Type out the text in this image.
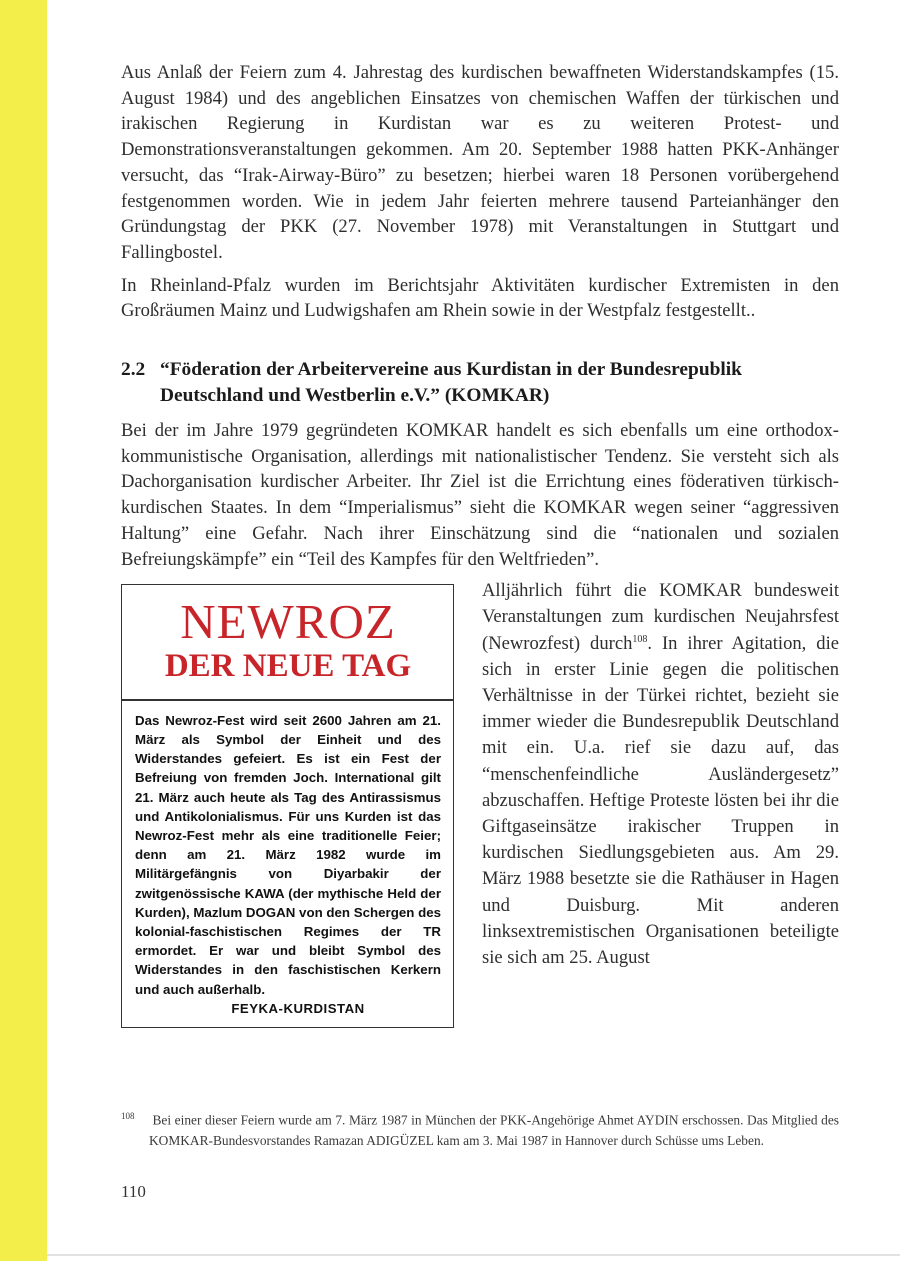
Aus Anlaß der Feiern zum 4. Jahrestag des kurdischen bewaffneten Widerstandskampfes (15. August 1984) und des angeblichen Einsatzes von chemischen Waffen der türkischen und irakischen Regierung in Kurdistan war es zu weiteren Protest- und Demonstrationsveranstaltungen gekommen. Am 20. September 1988 hatten PKK-Anhänger versucht, das “Irak-Airway-Büro” zu besetzen; hierbei waren 18 Personen vorübergehend festgenommen worden. Wie in jedem Jahr feierten mehrere tausend Parteianhänger den Gründungstag der PKK (27. November 1978) mit Veranstaltungen in Stuttgart und Fallingbostel.

In Rheinland-Pfalz wurden im Berichtsjahr Aktivitäten kurdischer Extremisten in den Großräumen Mainz und Ludwigshafen am Rhein sowie in der Westpfalz festgestellt..

2.2 “Föderation der Arbeitervereine aus Kurdistan in der Bundesrepublik Deutschland und Westberlin e.V.” (KOMKAR)

Bei der im Jahre 1979 gegründeten KOMKAR handelt es sich ebenfalls um eine orthodox-kommunistische Organisation, allerdings mit nationalistischer Tendenz. Sie versteht sich als Dachorganisation kurdischer Arbeiter. Ihr Ziel ist die Errichtung eines föderativen türkisch-kurdischen Staates. In dem “Imperialismus” sieht die KOMKAR wegen seiner “aggressiven Haltung” eine Gefahr. Nach ihrer Einschätzung sind die “nationalen und sozialen Befreiungskämpfe” ein “Teil des Kampfes für den Weltfrieden”.

NEWROZ
DER NEUE TAG
Das Newroz-Fest wird seit 2600 Jahren am 21. März als Symbol der Einheit und des Widerstandes gefeiert. Es ist ein Fest der Befreiung von fremden Joch. International gilt 21. März auch heute als Tag des Antirassismus und Antikolonialismus. Für uns Kurden ist das Newroz-Fest mehr als eine traditionelle Feier; denn am 21. März 1982 wurde im Militärgefängnis von Diyarbakir der zwitgenössische KAWA (der mythische Held der Kurden), Mazlum DOGAN von den Schergen des kolonial-faschistischen Regimes der TR ermordet. Er war und bleibt Symbol des Widerstandes in den faschistischen Kerkern und auch außerhalb.
FEYKA-KURDISTAN

Alljährlich führt die KOMKAR bundesweit Veranstaltungen zum kurdischen Neujahrsfest (Newrozfest) durch$^{108}$. In ihrer Agitation, die sich in erster Linie gegen die politischen Verhältnisse in der Türkei richtet, bezieht sie immer wieder die Bundesrepublik Deutschland mit ein. U.a. rief sie dazu auf, das “menschenfeindliche Ausländergesetz” abzuschaffen. Heftige Proteste lösten bei ihr die Giftgaseinsätze irakischer Truppen in kurdischen Siedlungsgebieten aus. Am 29. März 1988 besetzte sie die Rathäuser in Hagen und Duisburg. Mit anderen linksextremistischen Organisationen beteiligte sie sich am 25. August

$^{108}$ Bei einer dieser Feiern wurde am 7. März 1987 in München der PKK-Angehörige Ahmet AYDIN erschossen. Das Mitglied des KOMKAR-Bundesvorstandes Ramazan ADIGÜZEL kam am 3. Mai 1987 in Hannover durch Schüsse ums Leben.
110
